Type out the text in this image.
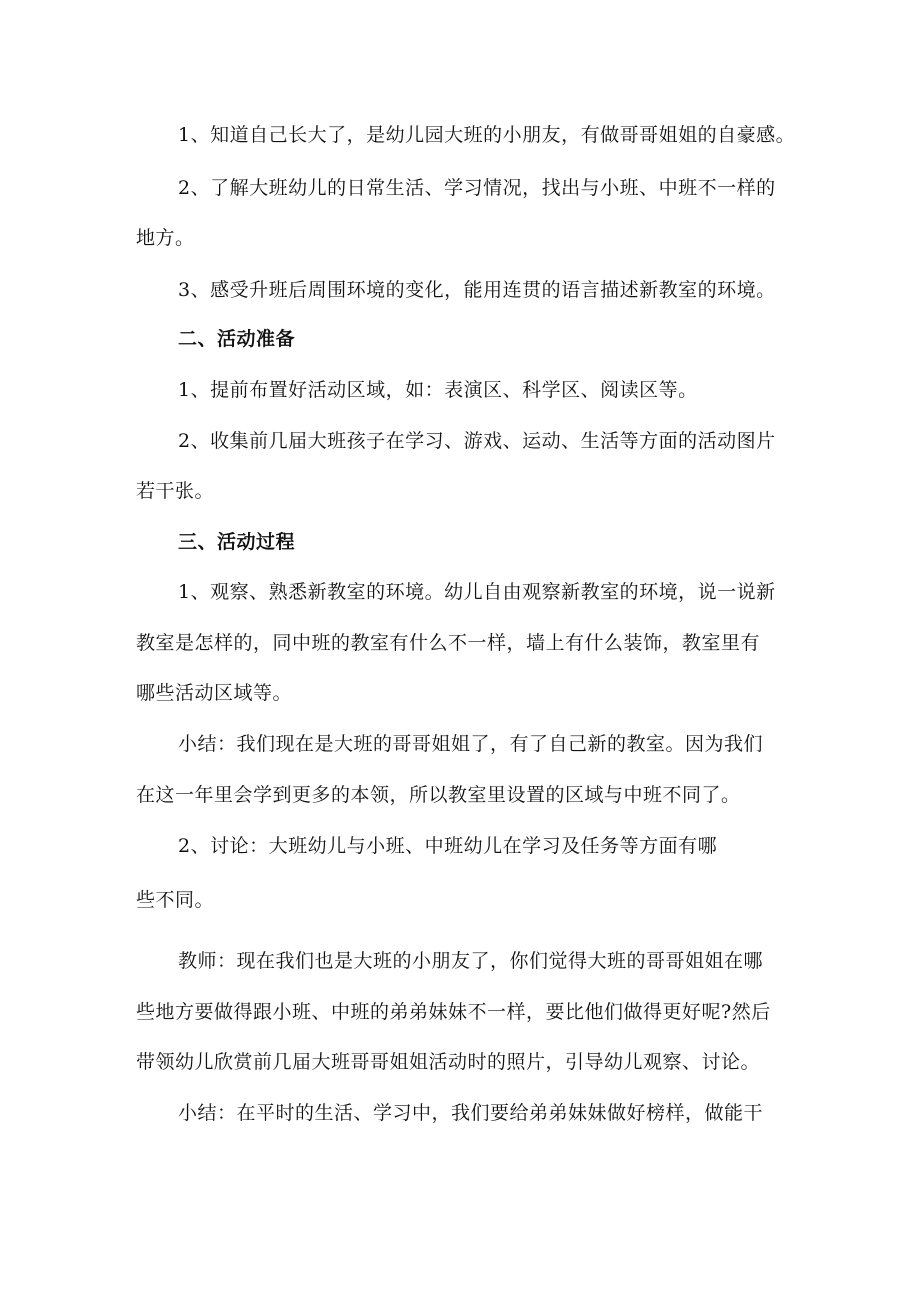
1、知道自己长大了，是幼儿园大班的小朋友，有做哥哥姐姐的自豪感。
2、了解大班幼儿的日常生活、学习情况，找出与小班、中班不一样的
地方。
3、感受升班后周围环境的变化，能用连贯的语言描述新教室的环境。
二、活动准备
1、提前布置好活动区域，如：表演区、科学区、阅读区等。
2、收集前几届大班孩子在学习、游戏、运动、生活等方面的活动图片
若干张。
三、活动过程
1、观察、熟悉新教室的环境。幼儿自由观察新教室的环境，说一说新
教室是怎样的，同中班的教室有什么不一样，墙上有什么装饰，教室里有
哪些活动区域等。
小结：我们现在是大班的哥哥姐姐了，有了自己新的教室。因为我们
在这一年里会学到更多的本领，所以教室里设置的区域与中班不同了。
2、讨论：大班幼儿与小班、中班幼儿在学习及任务等方面有哪
些不同。
教师：现在我们也是大班的小朋友了，你们觉得大班的哥哥姐姐在哪
些地方要做得跟小班、中班的弟弟妹妹不一样，要比他们做得更好呢?然后
带领幼儿欣赏前几届大班哥哥姐姐活动时的照片，引导幼儿观察、讨论。
小结：在平时的生活、学习中，我们要给弟弟妹妹做好榜样，做能干
